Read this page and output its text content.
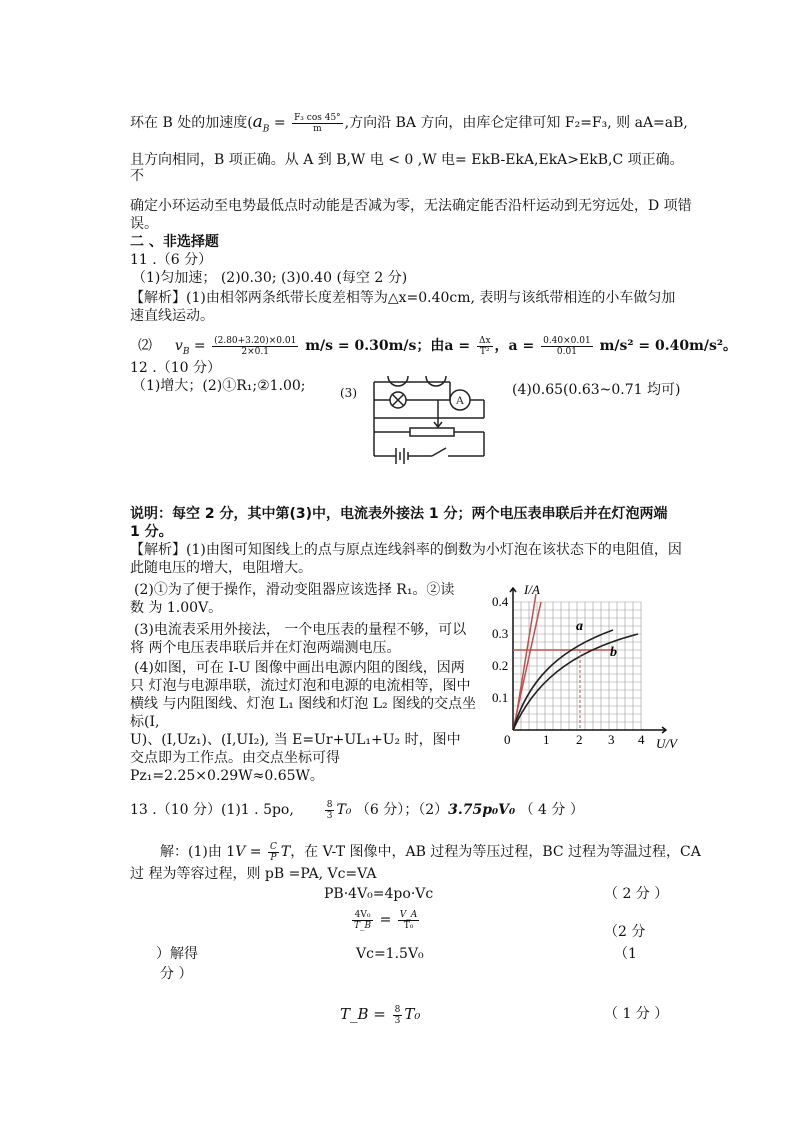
环在 B 处的加速度($a_B = \frac{\text{F₃ cos 45°}}{m}$ ,方向沿 BA 方向，由库仑定律可知 F₂=F₃, 则 aA=aB,
且方向相同，B 项正确。从 A 到 B,W 电 < 0 ,W 电= EkB-EkA,EkA>EkB,C 项正确。
不
确定小环运动至电势最低点时动能是否减为零，无法确定能否沿杆运动到无穷远处，D 项错
误。
二 、非选择题
11 .（6 分）
（1)匀加速； (2)0.30; (3)0.40 (每空 2 分)
【解析】(1)由相邻两条纸带长度差相等为△x=0.40cm, 表明与该纸带相连的小车做匀加
速直线运动。
⑵ $v_B = \frac{(2.80+3.20)\times 0.01}{2\times 0.1} m/s = 0.30m/s$；由$a = \frac{\Delta x}{\text{T²}}$ ，$a = \frac{0.40\times 0.01}{0.01} m/s^2 = 0.40m/s^2$。
12 .（10 分）
（1)增大；(2)①R₁;②1.00;	(3)	(4)0.65(0.63~0.71 均可)
A
说明：每空 2 分，其中第(3)中，电流表外接法 1 分；两个电压表串联后并在灯泡两端
1 分。
【解析】(1)由图可知图线上的点与原点连线斜率的倒数为小灯泡在该状态下的电阻值，因
此随电压的增大，电阻增大。
(2)①为了便于操作，滑动变阻器应该选择 R₁。②读
数 为 1.00V。
(3)电流表采用外接法， 一个电压表的量程不够，可以
将 两个电压表串联后并在灯泡两端测电压。
(4)如图，可在 I-U 图像中画出电源内阻的图线，因两
只 灯泡与电源串联，流过灯泡和电源的电流相等，图中
横线 与内阻图线、灯泡 L₁ 图线和灯泡 L₂ 图线的交点坐
标(I,
U)、(I,Uz₁)、(I,UI₂), 当 E=Ur+UL₁+U₂ 时，图中
交点即为工作点。由交点坐标可得
Pz₁=2.25×0.29W≈0.65W。
I/A
U/V
0.4
0.3
0.2
0.1
0	1 2 3 4
a
b
13 .（10 分）(1)1 . 5po,	$\frac{8}{3} T_0$ （6 分）；（2）3.75p₀V₀ （ 4 分 ）
解：(1)由 $1V = \frac{C}{P}$ T，在 V-T 图像中，AB 过程为等压过程，BC 过程为等温过程，CA
过 程为等容过程，则 pB =PA, Vc=VA
PB·4V₀=4po·Vc	（ 2 分 ）
$\frac{\text{4V₀}}{T\_B} = \frac{V\_A}{\text{T₀}}$
（2 分
）解得	Vc=1.5V₀	（1
分 ）
T_B = $\frac{8}{3} T_0$	（ 1 分 ）
